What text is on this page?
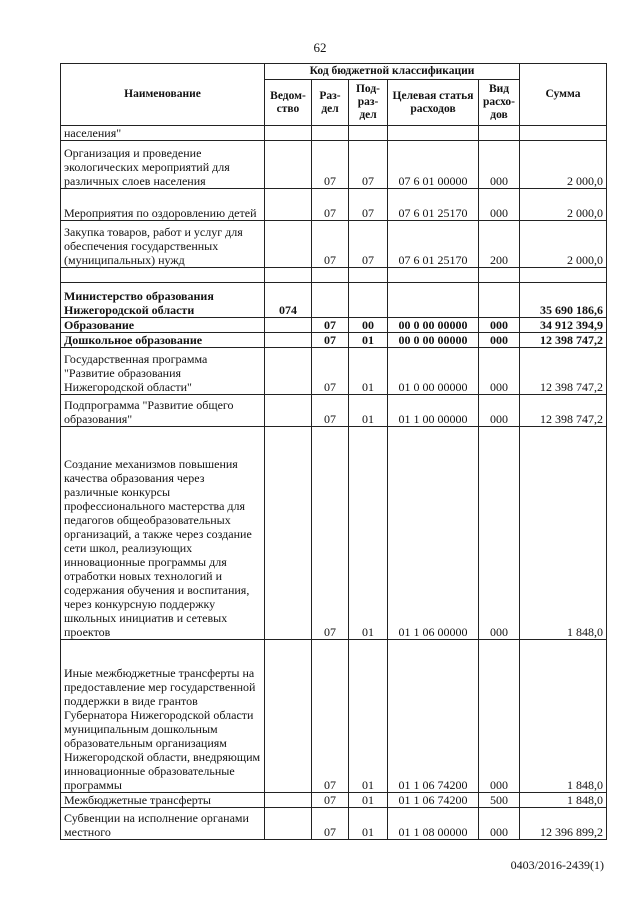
62
Наименование	Код бюджетной классификации					Сумма
	Ведом-ство	Раз-дел	Под-раз-дел	Целевая статья расходов	Вид расхо-дов	
населения"						
Организация и проведение экологических мероприятий для различных слоев населения		07	07	07 6 01 00000	000	2 000,0
Мероприятия по оздоровлению детей		07	07	07 6 01 25170	000	2 000,0
Закупка товаров, работ и услуг для обеспечения государственных (муниципальных) нужд		07	07	07 6 01 25170	200	2 000,0

Министерство образования Нижегородской области	074					35 690 186,6
Образование		07	00	00 0 00 00000	000	34 912 394,9
Дошкольное образование		07	01	00 0 00 00000	000	12 398 747,2
Государственная программа "Развитие образования Нижегородской области"		07	01	01 0 00 00000	000	12 398 747,2
Подпрограмма "Развитие общего образования"		07	01	01 1 00 00000	000	12 398 747,2
Создание механизмов повышения качества образования через различные конкурсы профессионального мастерства для педагогов общеобразовательных организаций, а также через создание сети школ, реализующих инновационные программы для отработки новых технологий и содержания обучения и воспитания, через конкурсную поддержку школьных инициатив и сетевых проектов		07	01	01 1 06 00000	000	1 848,0
Иные межбюджетные трансферты на предоставление мер государственной поддержки в виде грантов Губернатора Нижегородской области муниципальным дошкольным образовательным организациям Нижегородской области, внедряющим инновационные образовательные программы		07	01	01 1 06 74200	000	1 848,0
Межбюджетные трансферты		07	01	01 1 06 74200	500	1 848,0
Субвенции на исполнение органами местного		07	01	01 1 08 00000	000	12 396 899,2
0403/2016-2439(1)
